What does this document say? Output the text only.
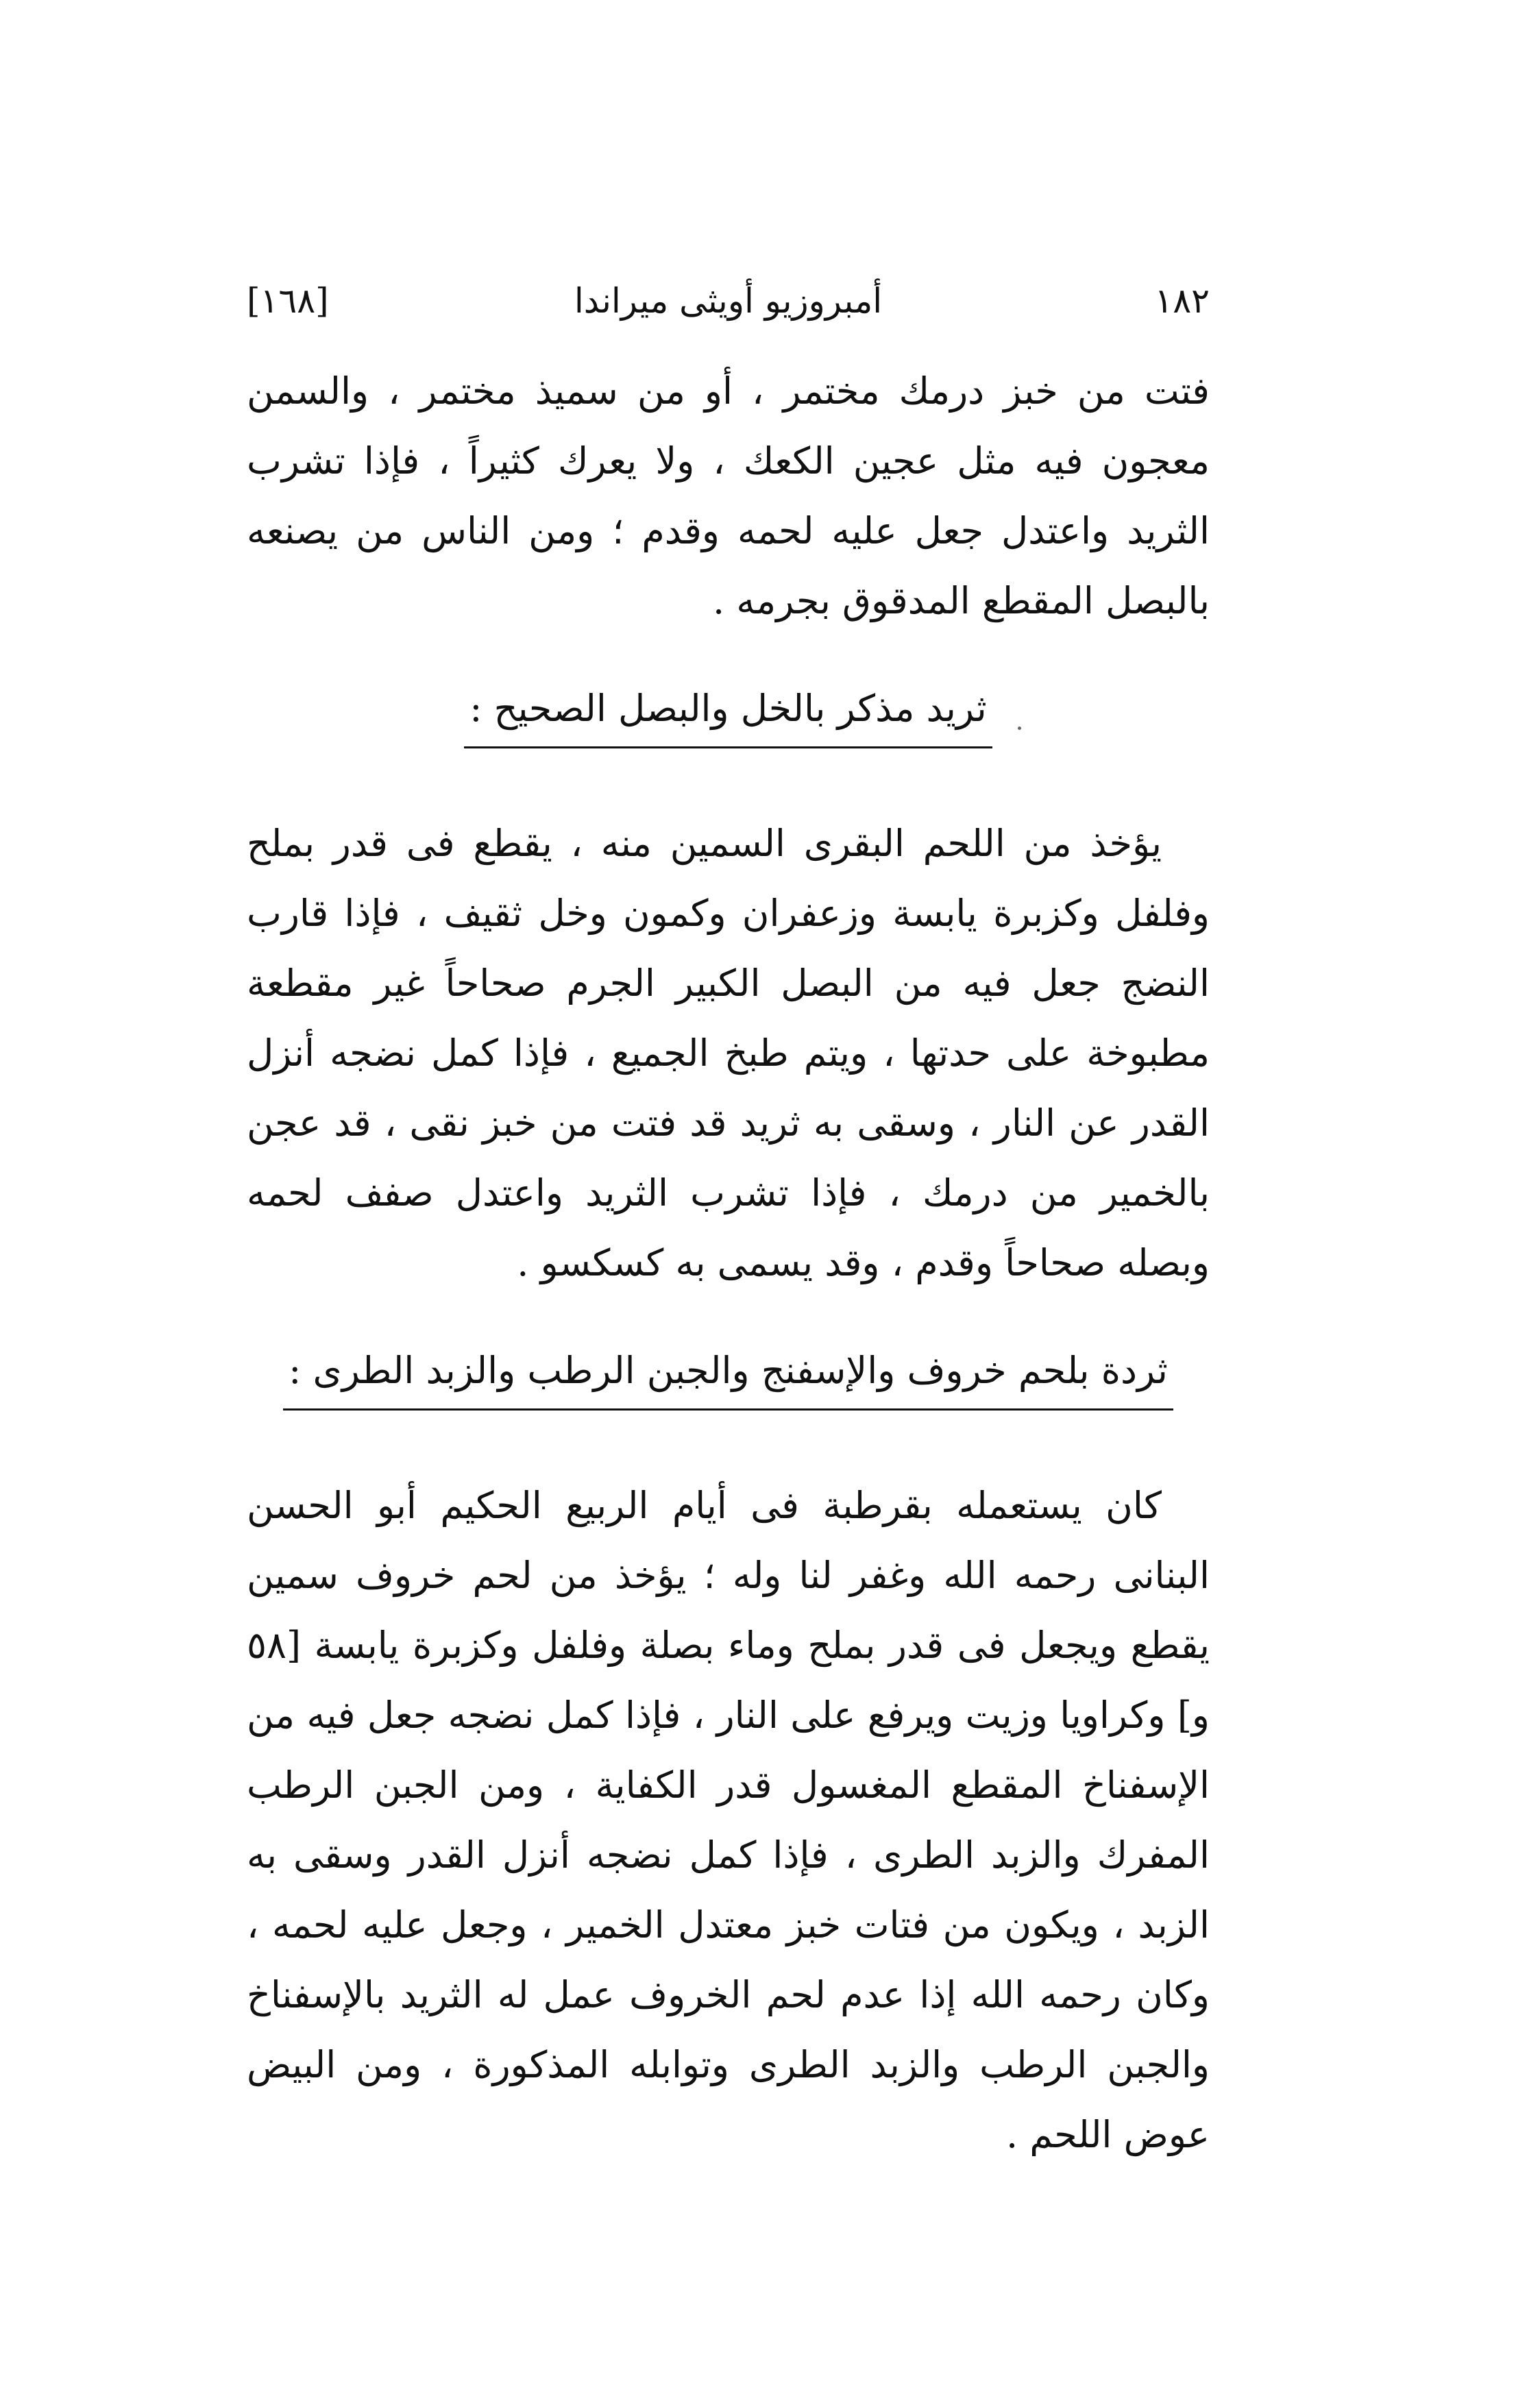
[١٦٨]	أمبروزيو أويثى ميراندا	١٨٢

فتت من خبز درمك مختمر ، أو من سميذ مختمر ، والسمن معجون فيه مثل عجين الكعك ، ولا يعرك كثيراً ، فإذا تشرب الثريد واعتدل جعل عليه لحمه وقدم ؛ ومن الناس من يصنعه بالبصل المقطع المدقوق بجرمه .

ثريد مذكر بالخل والبصل الصحيح :

يؤخذ من اللحم البقرى السمين منه ، يقطع فى قدر بملح وفلفل وكزبرة يابسة وزعفران وكمون وخل ثقيف ، فإذا قارب النضج جعل فيه من البصل الكبير الجرم صحاحاً غير مقطعة مطبوخة على حدتها ، ويتم طبخ الجميع ، فإذا كمل نضجه أنزل القدر عن النار ، وسقى به ثريد قد فتت من خبز نقى ، قد عجن بالخمير من درمك ، فإذا تشرب الثريد واعتدل صفف لحمه وبصله صحاحاً وقدم ، وقد يسمى به كسكسو .

ثردة بلحم خروف والإسفنج والجبن الرطب والزبد الطرى :

كان يستعمله بقرطبة فى أيام الربيع الحكيم أبو الحسن البنانى رحمه الله وغفر لنا وله ؛ يؤخذ من لحم خروف سمين يقطع ويجعل فى قدر بملح وماء بصلة وفلفل وكزبرة يابسة [٥٨ و] وكراويا وزيت ويرفع على النار ، فإذا كمل نضجه جعل فيه من الإسفناخ المقطع المغسول قدر الكفاية ، ومن الجبن الرطب المفرك والزبد الطرى ، فإذا كمل نضجه أنزل القدر وسقى به الزبد ، ويكون من فتات خبز معتدل الخمير ، وجعل عليه لحمه ، وكان رحمه الله إذا عدم لحم الخروف عمل له الثريد بالإسفناخ والجبن الرطب والزبد الطرى وتوابله المذكورة ، ومن البيض عوض اللحم .
